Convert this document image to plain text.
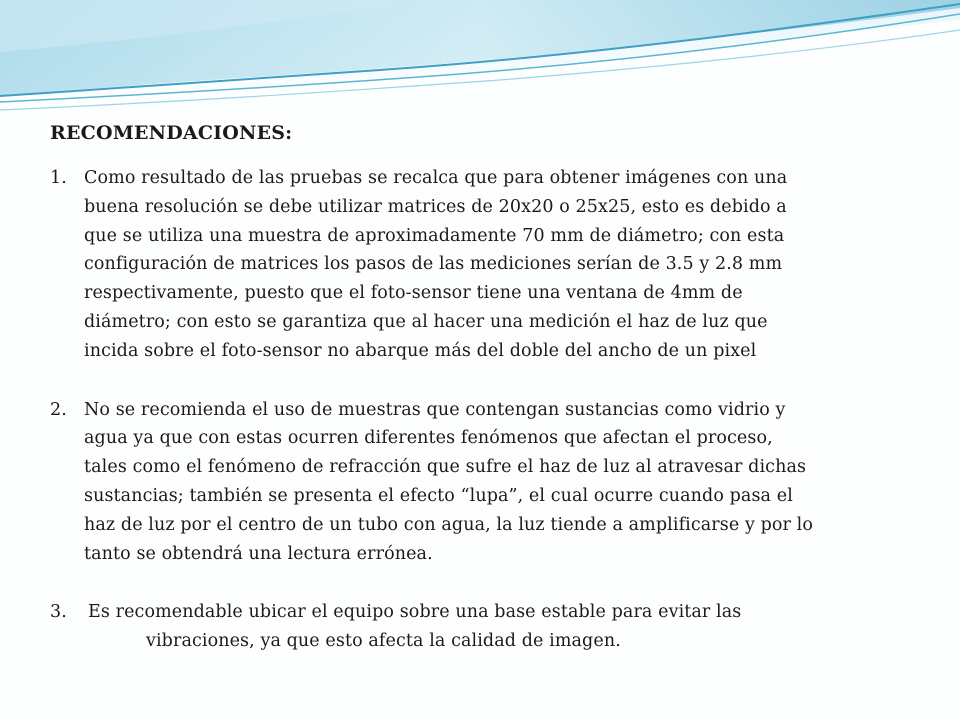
RECOMENDACIONES:
1. Como resultado de las pruebas se recalca que para obtener imágenes con una
buena resolución se debe utilizar matrices de 20x20 o 25x25, esto es debido a
que se utiliza una muestra de aproximadamente 70 mm de diámetro; con esta
configuración de matrices los pasos de las mediciones serían de 3.5 y 2.8 mm
respectivamente, puesto que el foto-sensor tiene una ventana de 4mm de
diámetro; con esto se garantiza que al hacer una medición el haz de luz que
incida sobre el foto-sensor no abarque más del doble del ancho de un pixel
2. No se recomienda el uso de muestras que contengan sustancias como vidrio y
agua ya que con estas ocurren diferentes fenómenos que afectan el proceso,
tales como el fenómeno de refracción que sufre el haz de luz al atravesar dichas
sustancias; también se presenta el efecto “lupa”, el cual ocurre cuando pasa el
haz de luz por el centro de un tubo con agua, la luz tiende a amplificarse y por lo
tanto se obtendrá una lectura errónea.
3.	Es recomendable ubicar el equipo sobre una base estable para evitar las
vibraciones, ya que esto afecta la calidad de imagen.
